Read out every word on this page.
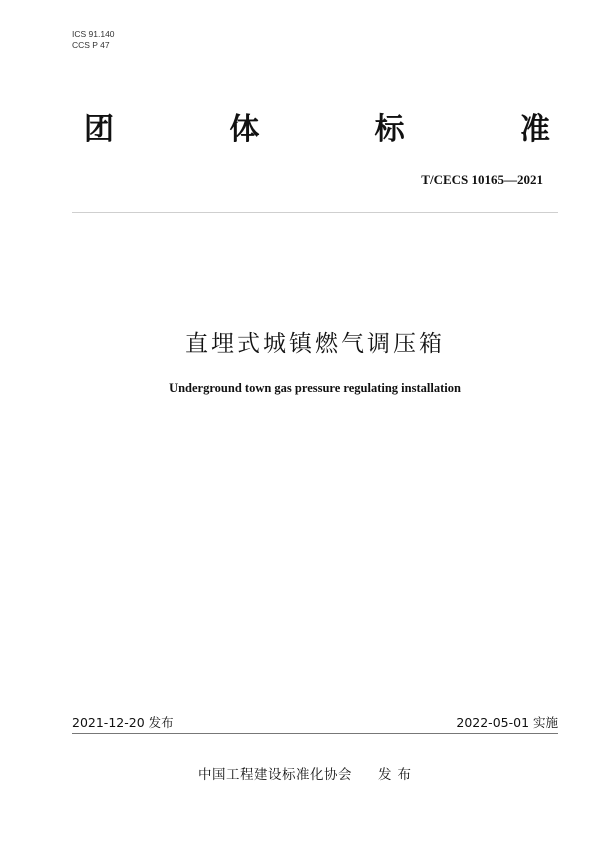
ICS 91.140
CCS P 47
团	体	标	准
T/CECS 10165—2021
直埋式城镇燃气调压箱
Underground town gas pressure regulating installation
2021-12-20 发布	2022-05-01 实施
中国工程建设标准化协会 发布
